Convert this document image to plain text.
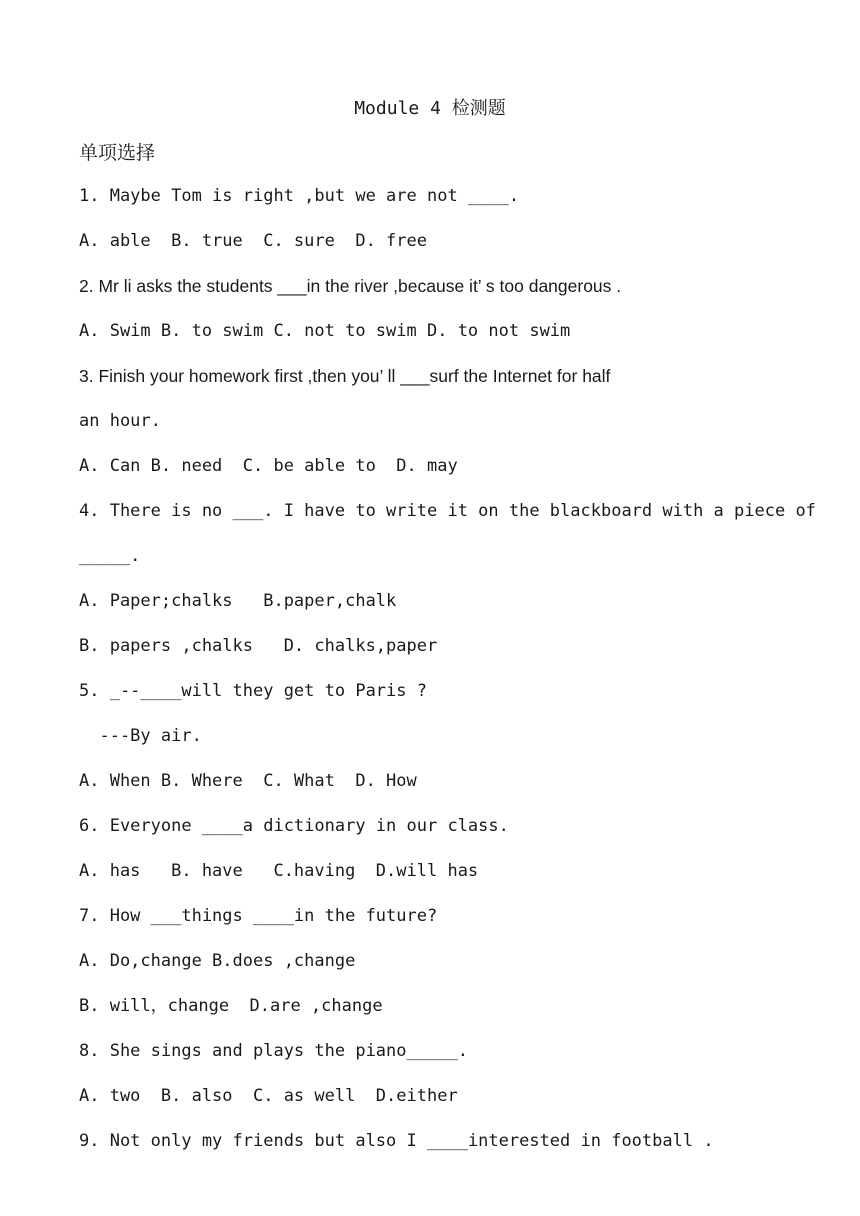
Module 4 检测题
单项选择
1. Maybe Tom is right ,but we are not ____.
A. able  B. true  C. sure  D. free
2. Mr li asks the students ___in the river ,because it’ s too dangerous .
A. Swim B. to swim C. not to swim D. to not swim
3. Finish your homework first ,then you’ ll ___surf the Internet for half
an hour.
A. Can B. need  C. be able to  D. may
4. There is no ___. I have to write it on the blackboard with a piece of
_____.
A. Paper;chalks   B.paper,chalk
B. papers ,chalks   D. chalks,paper
5. _--____will they get to Paris ?
---By air.
A. When B. Where  C. What  D. How
6. Everyone ____a dictionary in our class.
A. has   B. have   C.having  D.will has
7. How ___things ____in the future?
A. Do,change B.does ,change
B. will，change  D.are ,change
8. She sings and plays the piano_____.
A. two  B. also  C. as well  D.either
9. Not only my friends but also I ____interested in football .
